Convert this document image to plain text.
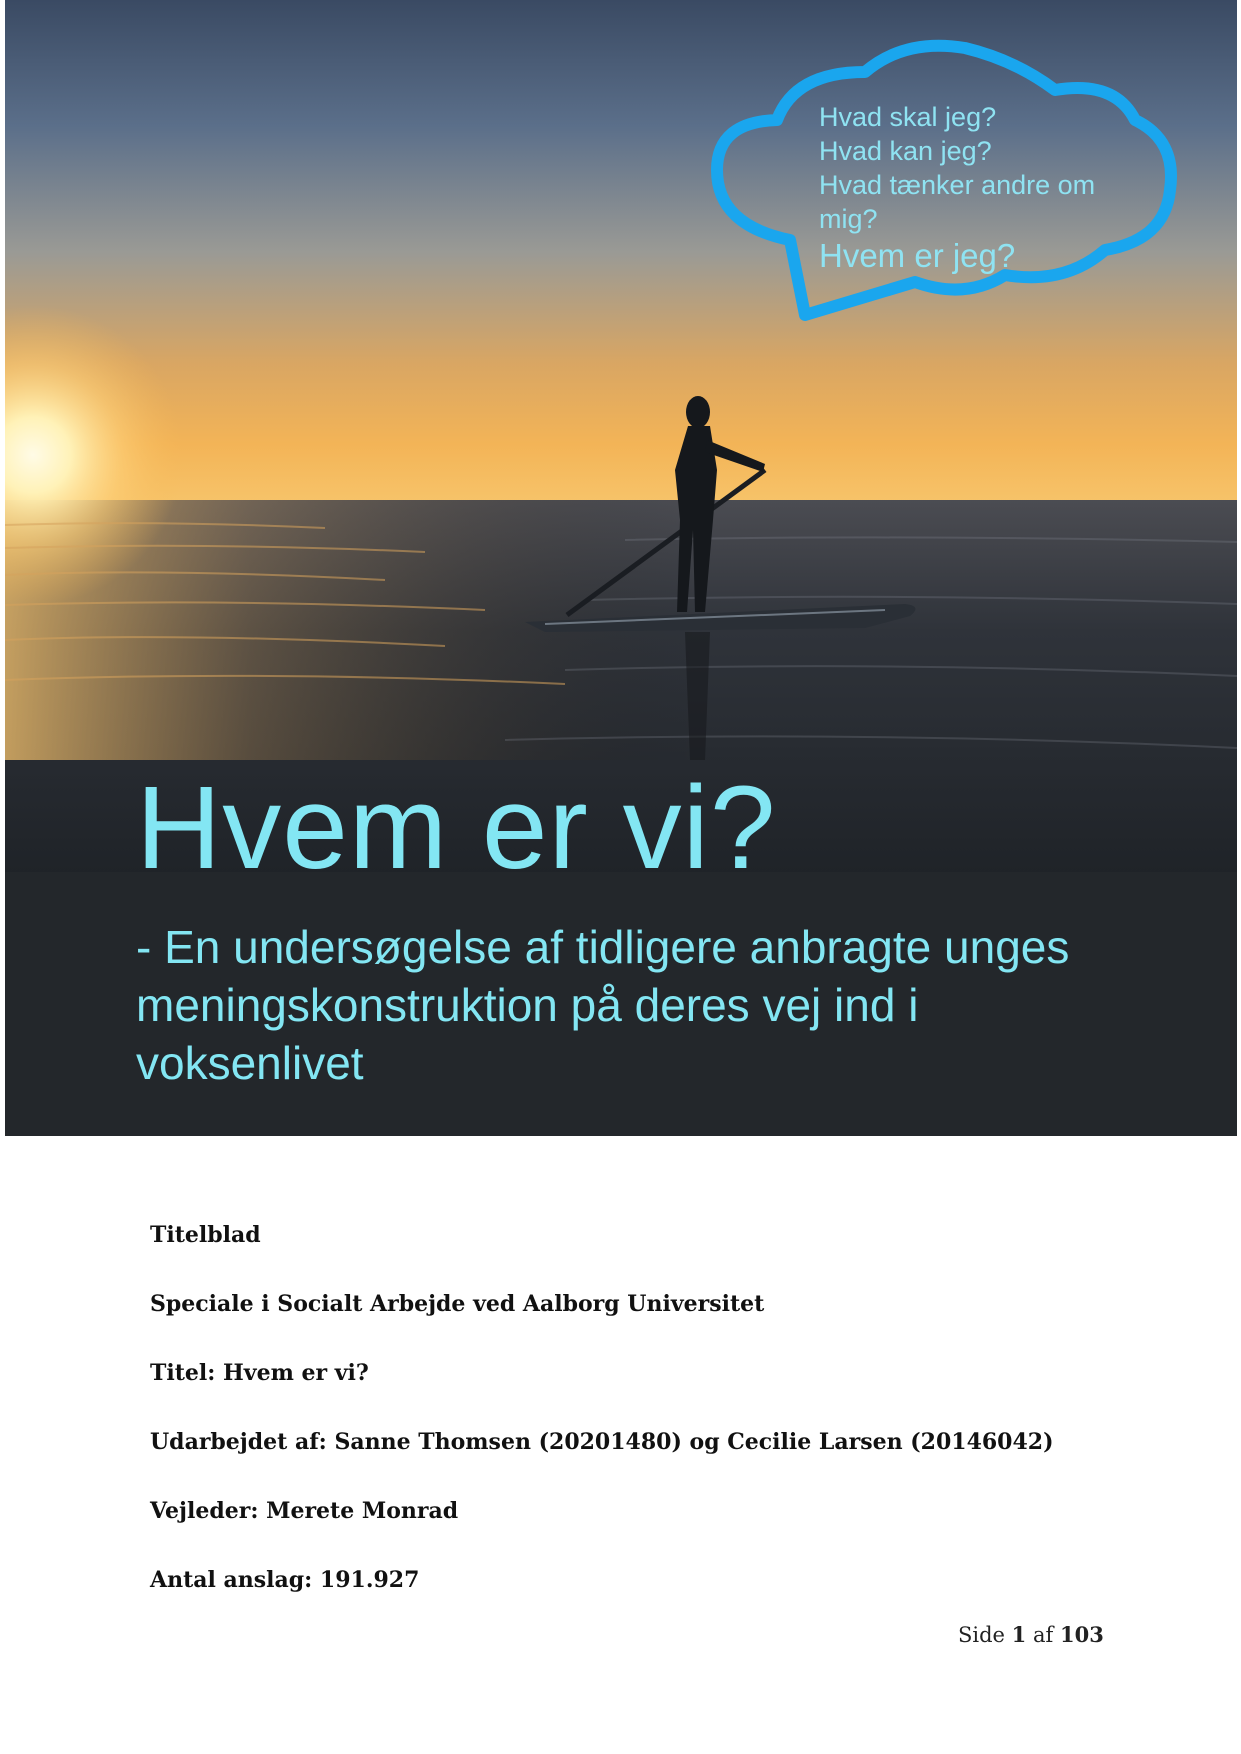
Hvad skal jeg?
Hvad kan jeg?
Hvad tænker andre om
mig?
Hvem er jeg?
Hvem er vi?

- En undersøgelse af tidligere anbragte unges meningskonstruktion på deres vej ind i voksenlivet

Titelblad

Speciale i Socialt Arbejde ved Aalborg Universitet

Titel: Hvem er vi?

Udarbejdet af: Sanne Thomsen (20201480) og Cecilie Larsen (20146042)

Vejleder: Merete Monrad

Antal anslag: 191.927

Side 1 af 103
